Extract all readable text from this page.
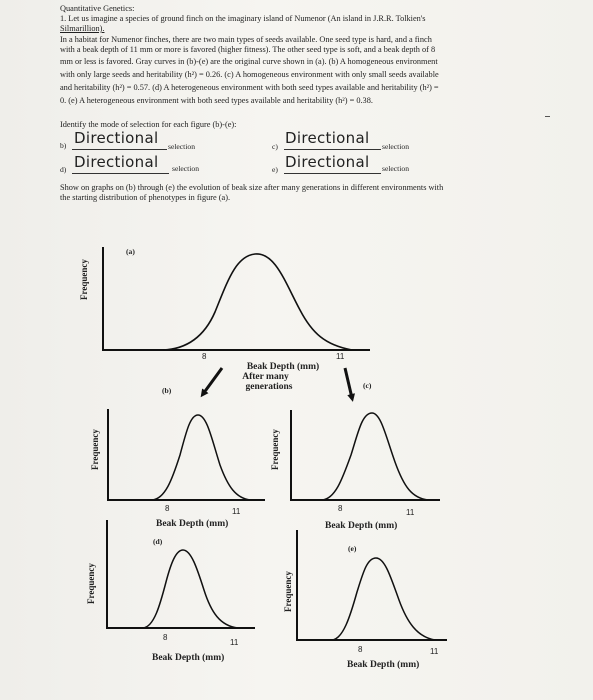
Quantitative Genetics:
1. Let us imagine a species of ground finch on the imaginary island of Numenor (An island in J.R.R. Tolkien's
Silmarillion).
In a habitat for Numenor finches, there are two main types of seeds available. One seed type is hard, and a finch
with a beak depth of 11 mm or more is favored (higher fitness). The other seed type is soft, and a beak depth of 8
mm or less is favored. Gray curves in (b)-(e) are the original curve shown in (a). (b) A homogeneous environment
with only large seeds and heritability (h²) = 0.26. (c) A homogeneous environment with only small seeds available
and heritability (h²) = 0.57. (d) A heterogeneous environment with both seed types available and heritability (h²) =
0. (e) A heterogeneous environment with both seed types available and heritability (h²) = 0.38.
Identify the mode of selection for each figure (b)-(e):
b) Directional selection	c) Directional selection
d) Directional selection	e) Directional selection
Show on graphs on (b) through (e) the evolution of beak size after many generations in different environments with
the starting distribution of phenotypes in figure (a).
Frequency
(a)
8	11
Beak Depth (mm)
After many
generations
(b)
Frequency
8	11
Beak Depth (mm)
(c)
Frequency
8	11
Beak Depth (mm)
(d)
Frequency
8
11
Beak Depth (mm)
(e)
Frequency
8	11
Beak Depth (mm)
